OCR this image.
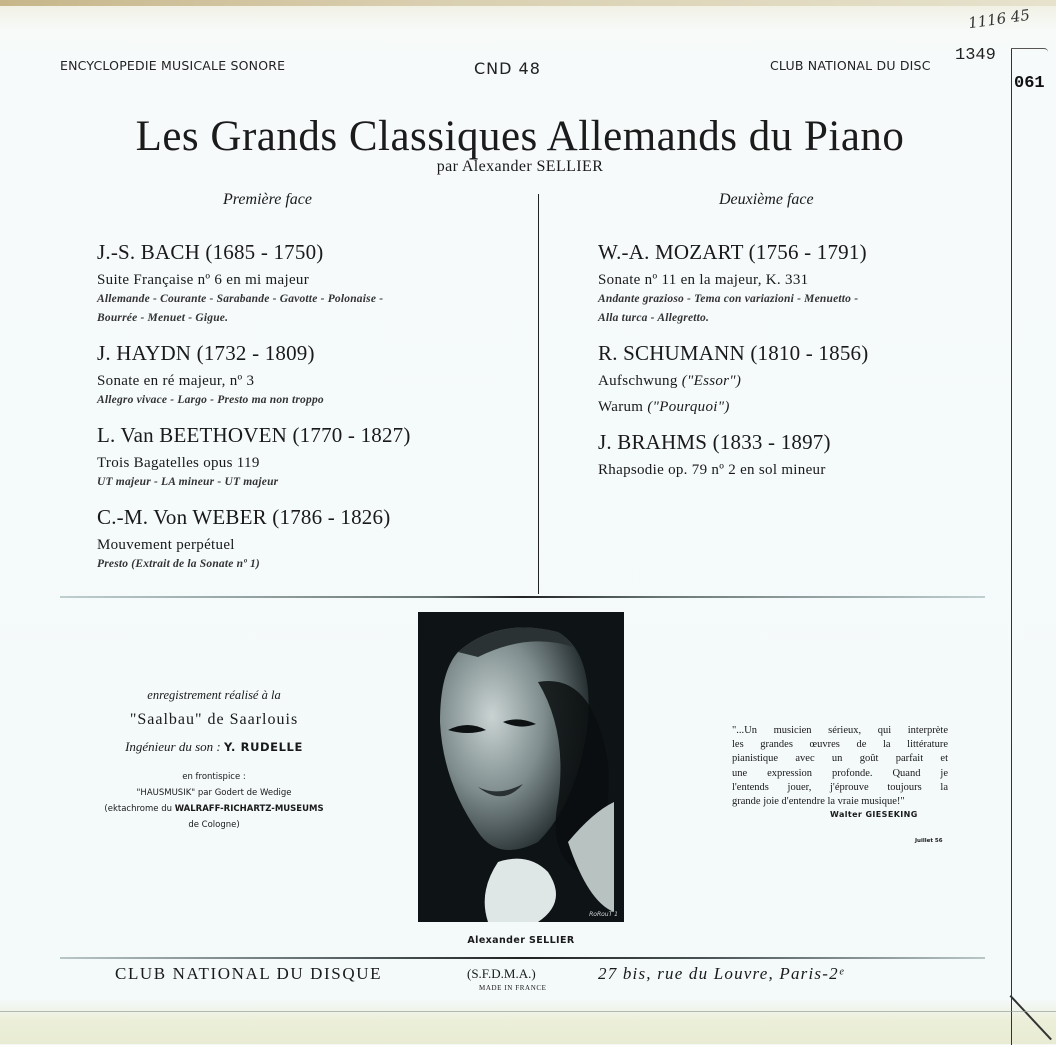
1116 45
1349
061
ENCYCLOPEDIE MUSICALE SONORE	CND 48	CLUB NATIONAL DU DISC
Les Grands Classiques Allemands du Piano
par Alexander SELLIER
Première face	Deuxième face
J.-S. BACH (1685 - 1750)
Suite Française nº 6 en mi majeur
Allemande - Courante - Sarabande - Gavotte - Polonaise -
Bourrée - Menuet - Gigue.
J. HAYDN (1732 - 1809)
Sonate en ré majeur, nº 3
Allegro vivace - Largo - Presto ma non troppo
L. Van BEETHOVEN (1770 - 1827)
Trois Bagatelles opus 119
UT majeur - LA mineur - UT majeur
C.-M. Von WEBER (1786 - 1826)
Mouvement perpétuel
Presto (Extrait de la Sonate nº 1)
W.-A. MOZART (1756 - 1791)
Sonate nº 11 en la majeur, K. 331
Andante grazioso - Tema con variazioni - Menuetto -
Alla turca - Allegretto.
R. SCHUMANN (1810 - 1856)
Aufschwung ("Essor")
Warum ("Pourquoi")
J. BRAHMS (1833 - 1897)
Rhapsodie op. 79 nº 2 en sol mineur
enregistrement réalisé à la
"Saalbau" de Saarlouis
Ingénieur du son : Y. RUDELLE
en frontispice :
"HAUSMUSIK" par Godert de Wedige
(ektachrome du WALRAFF-RICHARTZ-MUSEUMS
de Cologne)
RoRouT 1
Alexander SELLIER
"...Un musicien sérieux, qui interprète
les grandes œuvres de la littérature
pianistique avec un goût parfait et
une expression profonde. Quand je
l'entends jouer, j'éprouve toujours la
grande joie d'entendre la vraie musique!"
Walter GIESEKING
Juillet 56
CLUB NATIONAL DU DISQUE	(S.F.D.M.A.)
MADE IN FRANCE
27 bis, rue du Louvre, Paris-2ᵉ
